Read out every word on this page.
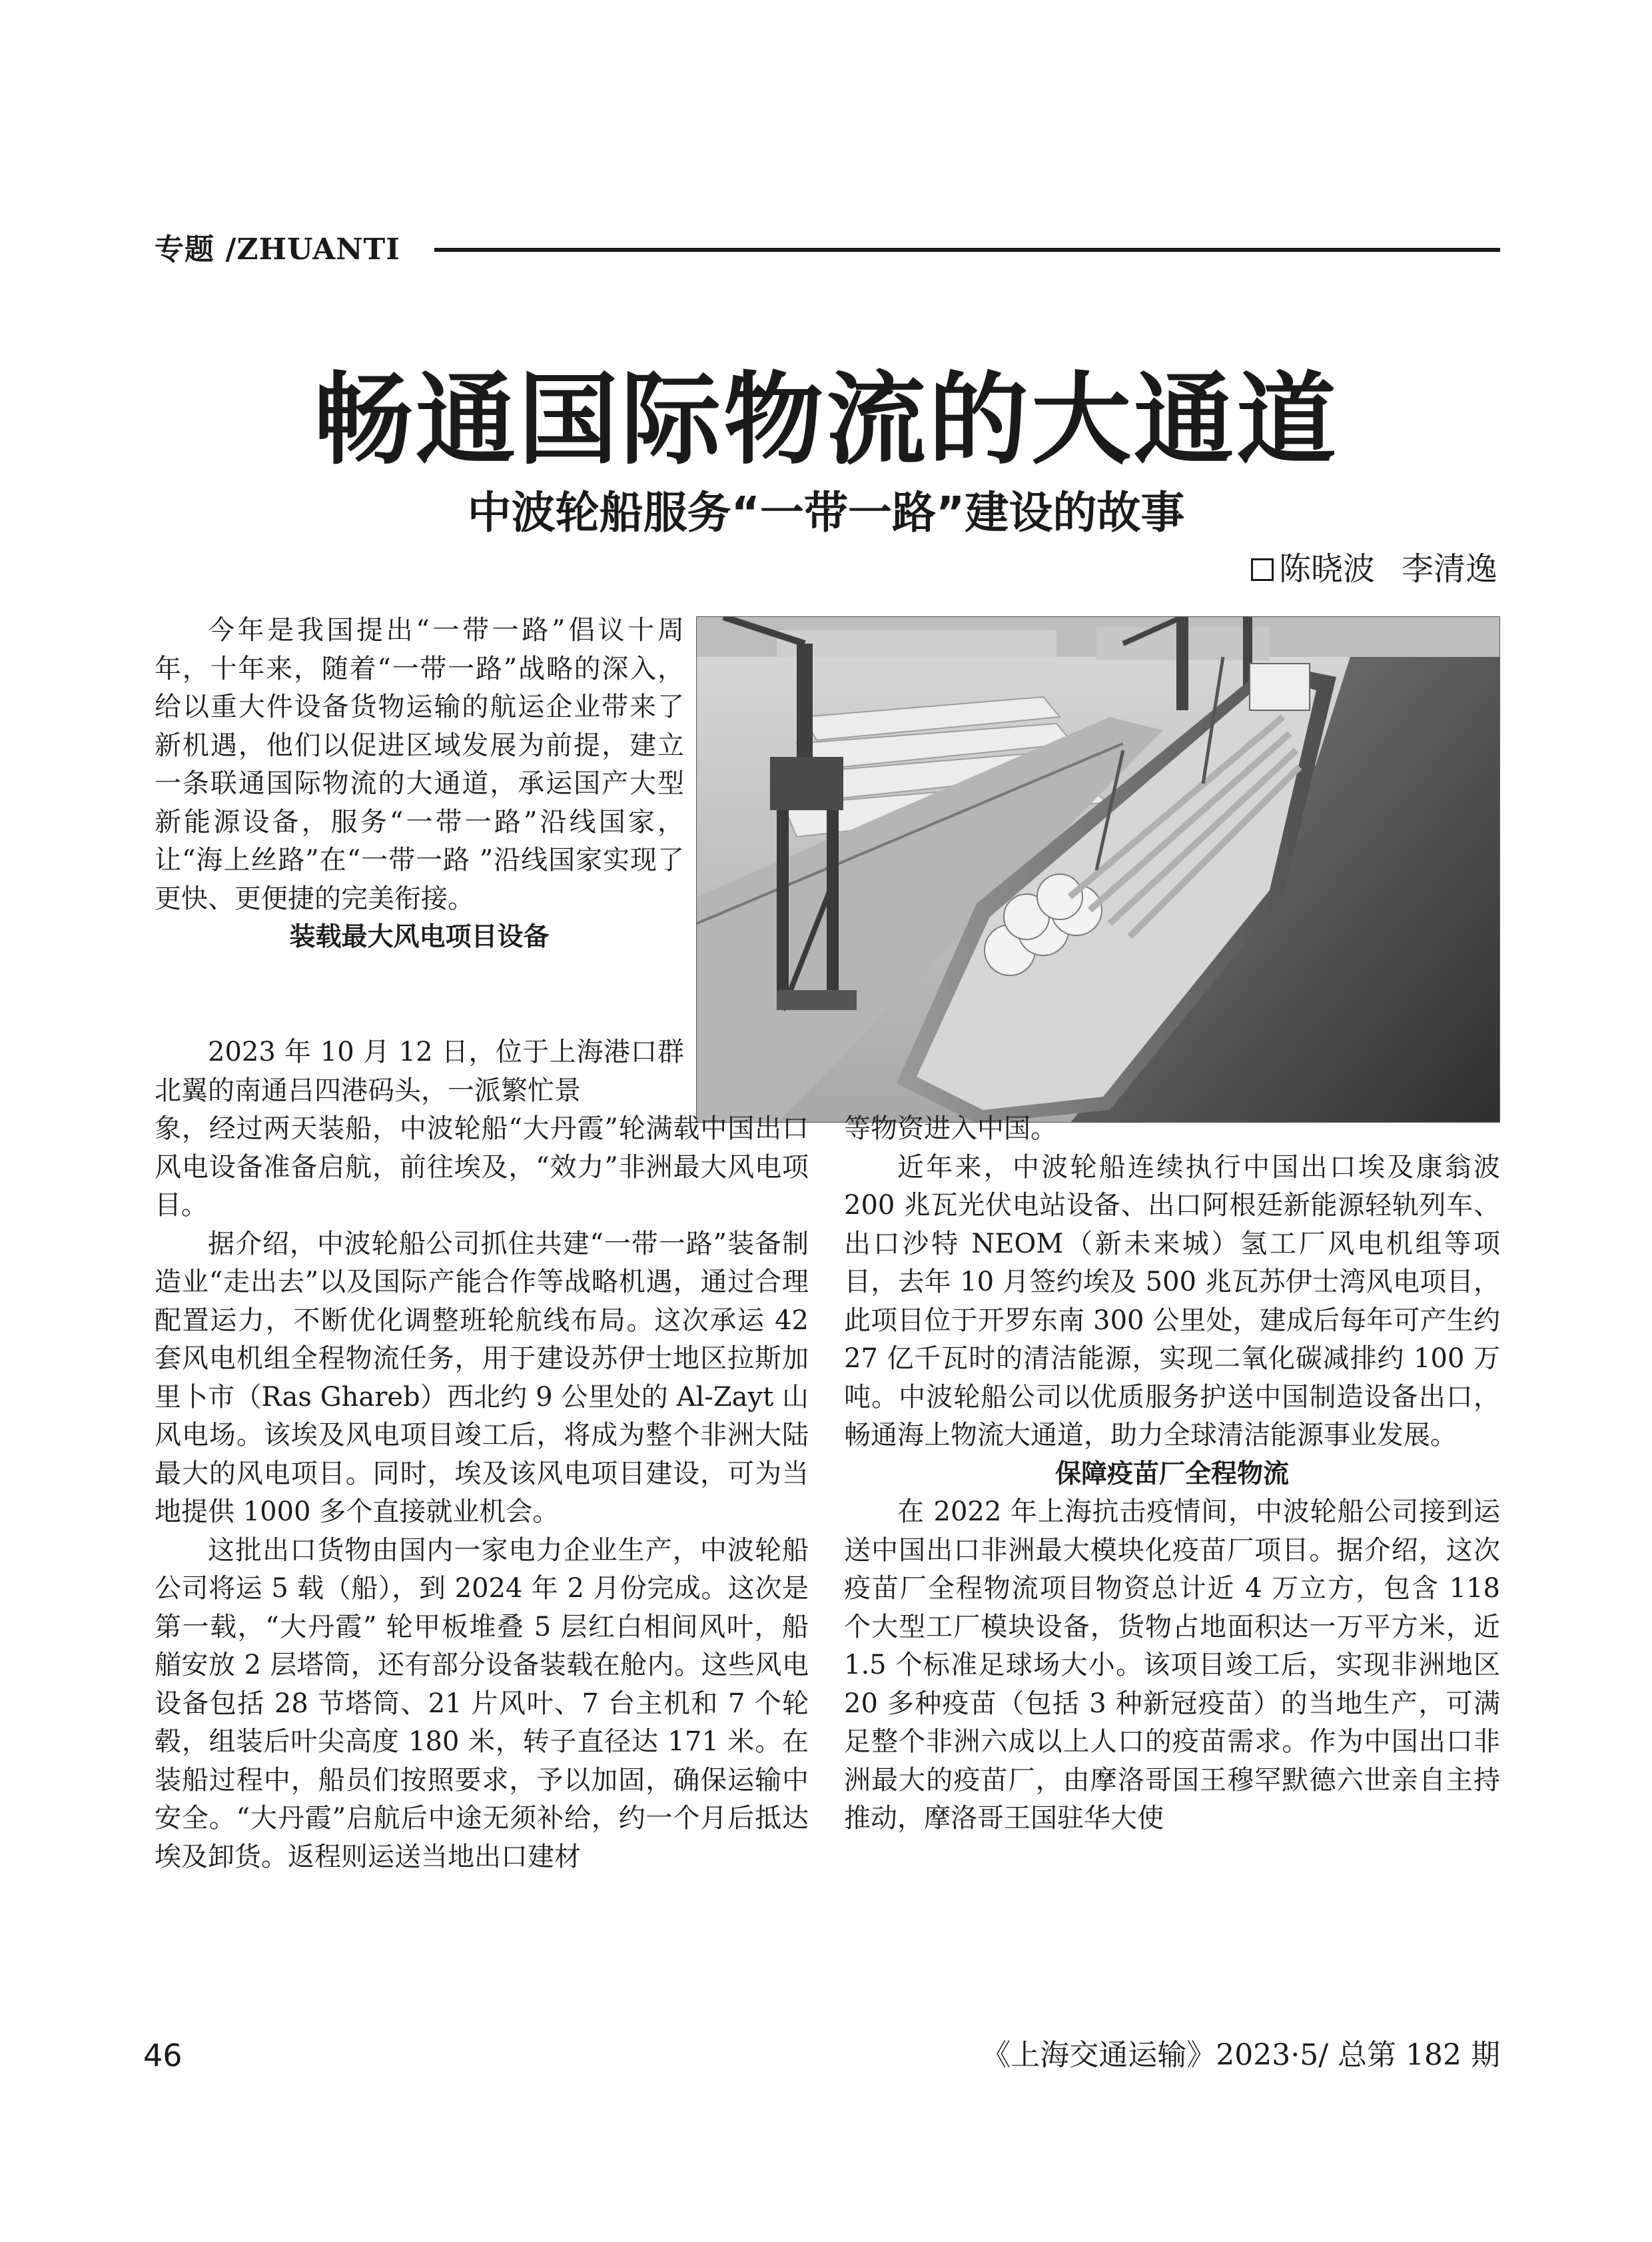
专题 /ZHUANTI
畅通国际物流的大通道
中波轮船服务“一带一路”建设的故事
陈晓波 李清逸

今年是我国提出“一带一路”倡议十周年，十年来，随着“一带一路”战略的深入，给以重大件设备货物运输的航运企业带来了新机遇，他们以促进区域发展为前提，建立一条联通国际物流的大通道，承运国产大型新能源设备，服务“一带一路”沿线国家，让“海上丝路”在“一带一路 ”沿线国家实现了更快、更便捷的完美衔接。

装载最大风电项目设备

2023 年 10 月 12 日，位于上海港口群北翼的南通吕四港码头，一派繁忙景

象，经过两天装船，中波轮船“大丹霞”轮满载中国出口风电设备准备启航，前往埃及，“效力”非洲最大风电项目。

据介绍，中波轮船公司抓住共建“一带一路”装备制造业“走出去”以及国际产能合作等战略机遇，通过合理配置运力，不断优化调整班轮航线布局。这次承运 42 套风电机组全程物流任务，用于建设苏伊士地区拉斯加里卜市（Ras Ghareb）西北约 9 公里处的 Al-Zayt 山风电场。该埃及风电项目竣工后，将成为整个非洲大陆最大的风电项目。同时，埃及该风电项目建设，可为当地提供 1000 多个直接就业机会。

这批出口货物由国内一家电力企业生产，中波轮船公司将运 5 载（船），到 2024 年 2 月份完成。这次是第一载，“大丹霞” 轮甲板堆叠 5 层红白相间风叶，船艏安放 2 层塔筒，还有部分设备装载在舱内。这些风电设备包括 28 节塔筒、21 片风叶、7 台主机和 7 个轮毂，组装后叶尖高度 180 米，转子直径达 171 米。在装船过程中，船员们按照要求，予以加固，确保运输中安全。“大丹霞”启航后中途无须补给，约一个月后抵达埃及卸货。返程则运送当地出口建材

等物资进入中国。

近年来，中波轮船连续执行中国出口埃及康翁波 200 兆瓦光伏电站设备、出口阿根廷新能源轻轨列车、出口沙特 NEOM（新未来城）氢工厂风电机组等项目，去年 10 月签约埃及 500 兆瓦苏伊士湾风电项目，此项目位于开罗东南 300 公里处，建成后每年可产生约 27 亿千瓦时的清洁能源，实现二氧化碳减排约 100 万吨。中波轮船公司以优质服务护送中国制造设备出口，畅通海上物流大通道，助力全球清洁能源事业发展。

保障疫苗厂全程物流

在 2022 年上海抗击疫情间，中波轮船公司接到运送中国出口非洲最大模块化疫苗厂项目。据介绍，这次疫苗厂全程物流项目物资总计近 4 万立方，包含 118 个大型工厂模块设备，货物占地面积达一万平方米，近 1.5 个标准足球场大小。该项目竣工后，实现非洲地区 20 多种疫苗（包括 3 种新冠疫苗）的当地生产，可满足整个非洲六成以上人口的疫苗需求。作为中国出口非洲最大的疫苗厂，由摩洛哥国王穆罕默德六世亲自主持推动，摩洛哥王国驻华大使

46	《上海交通运输》2023·5/ 总第 182 期
